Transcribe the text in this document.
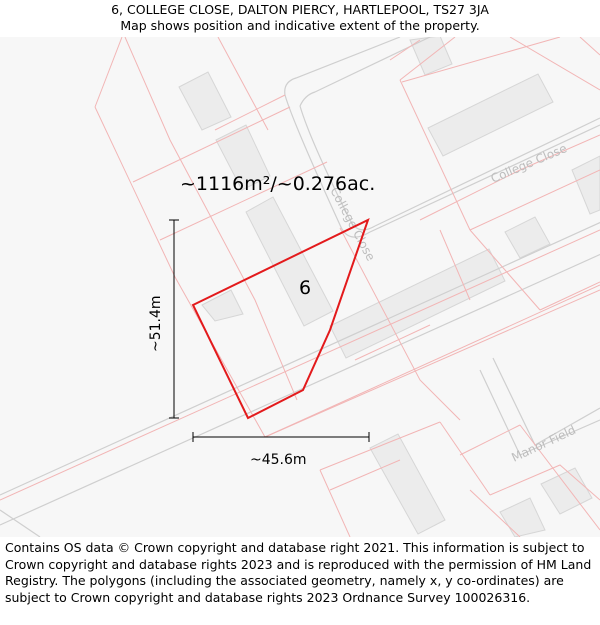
6, COLLEGE CLOSE, DALTON PIERCY, HARTLEPOOL, TS27 3JA
Map shows position and indicative extent of the property.
College Close
College Close
Manor Field
6
~1116m²/~0.276ac.
~51.4m
~45.6m
Contains OS data © Crown copyright and database right 2021. This information is subject to Crown copyright and database rights 2023 and is reproduced with the permission of HM Land Registry. The polygons (including the associated geometry, namely x, y co-ordinates) are subject to Crown copyright and database rights 2023 Ordnance Survey 100026316.
